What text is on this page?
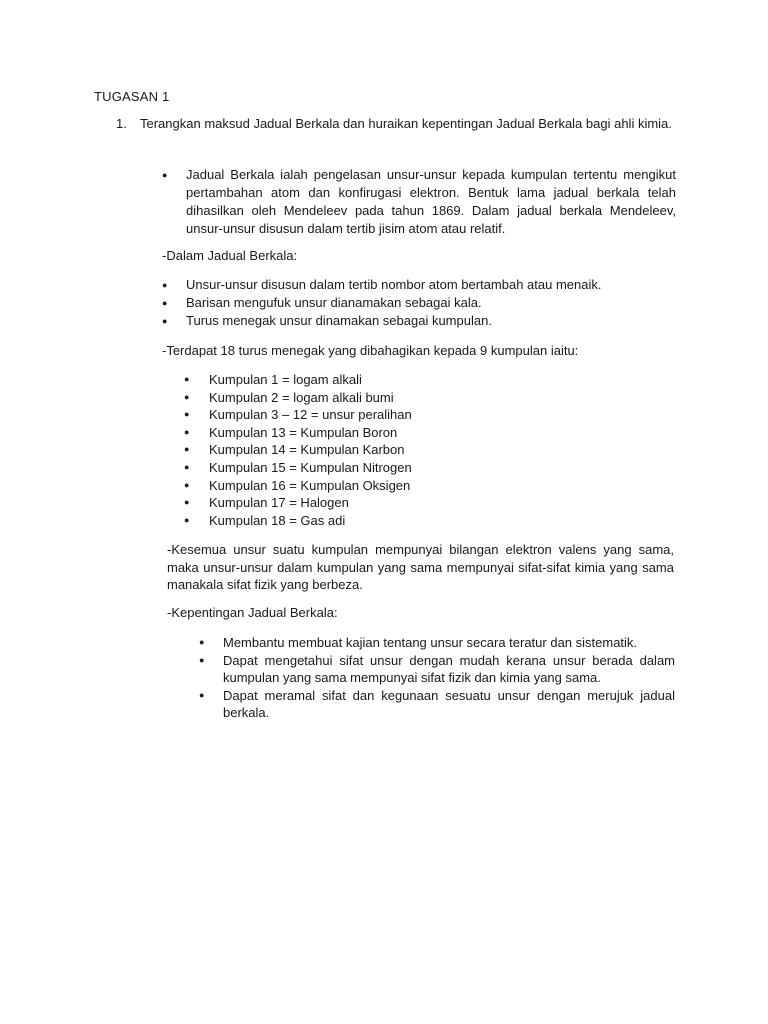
TUGASAN 1
1. Terangkan maksud Jadual Berkala dan huraikan kepentingan Jadual Berkala bagi ahli kimia.
● Jadual Berkala ialah pengelasan unsur-unsur kepada kumpulan tertentu mengikut pertambahan atom dan konfirugasi elektron. Bentuk lama jadual berkala telah dihasilkan oleh Mendeleev pada tahun 1869. Dalam jadual berkala Mendeleev, unsur-unsur disusun dalam tertib jisim atom atau relatif.
-Dalam Jadual Berkala:
● Unsur-unsur disusun dalam tertib nombor atom bertambah atau menaik.
● Barisan mengufuk unsur dianamakan sebagai kala.
● Turus menegak unsur dinamakan sebagai kumpulan.
-Terdapat 18 turus menegak yang dibahagikan kepada 9 kumpulan iaitu:
● Kumpulan 1 = logam alkali
● Kumpulan 2 = logam alkali bumi
● Kumpulan 3 – 12 = unsur peralihan
● Kumpulan 13 = Kumpulan Boron
● Kumpulan 14 = Kumpulan Karbon
● Kumpulan 15 = Kumpulan Nitrogen
● Kumpulan 16 = Kumpulan Oksigen
● Kumpulan 17 = Halogen
● Kumpulan 18 = Gas adi
-Kesemua unsur suatu kumpulan mempunyai bilangan elektron valens yang sama, maka unsur-unsur dalam kumpulan yang sama mempunyai sifat-sifat kimia yang sama manakala sifat fizik yang berbeza.
-Kepentingan Jadual Berkala:
● Membantu membuat kajian tentang unsur secara teratur dan sistematik.
● Dapat mengetahui sifat unsur dengan mudah kerana unsur berada dalam kumpulan yang sama mempunyai sifat fizik dan kimia yang sama.
● Dapat meramal sifat dan kegunaan sesuatu unsur dengan merujuk jadual berkala.
